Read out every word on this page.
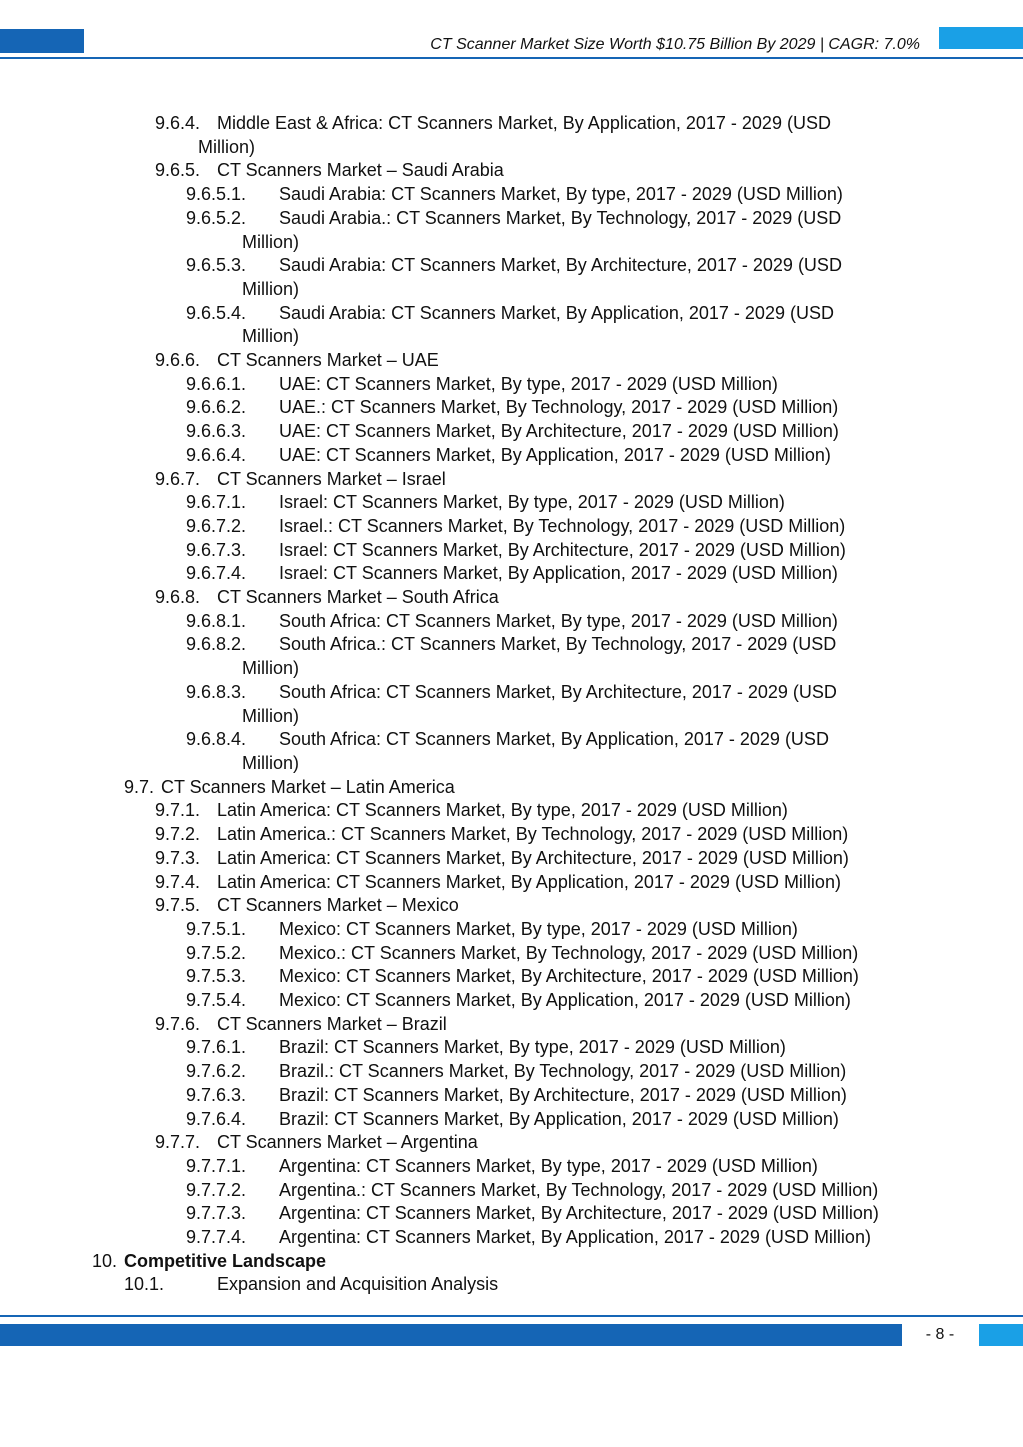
CT Scanner Market Size Worth $10.75 Billion By 2029 | CAGR: 7.0%
9.6.4. Middle East & Africa: CT Scanners Market, By Application, 2017 - 2029 (USD
Million)
9.6.5. CT Scanners Market – Saudi Arabia
9.6.5.1.	Saudi Arabia: CT Scanners Market, By type, 2017 - 2029 (USD Million)
9.6.5.2.	Saudi Arabia.: CT Scanners Market, By Technology, 2017 - 2029 (USD
Million)
9.6.5.3.	Saudi Arabia: CT Scanners Market, By Architecture, 2017 - 2029 (USD
Million)
9.6.5.4.	Saudi Arabia: CT Scanners Market, By Application, 2017 - 2029 (USD
Million)
9.6.6. CT Scanners Market – UAE
9.6.6.1.	UAE: CT Scanners Market, By type, 2017 - 2029 (USD Million)
9.6.6.2.	UAE.: CT Scanners Market, By Technology, 2017 - 2029 (USD Million)
9.6.6.3.	UAE: CT Scanners Market, By Architecture, 2017 - 2029 (USD Million)
9.6.6.4.	UAE: CT Scanners Market, By Application, 2017 - 2029 (USD Million)
9.6.7. CT Scanners Market – Israel
9.6.7.1.	Israel: CT Scanners Market, By type, 2017 - 2029 (USD Million)
9.6.7.2.	Israel.: CT Scanners Market, By Technology, 2017 - 2029 (USD Million)
9.6.7.3.	Israel: CT Scanners Market, By Architecture, 2017 - 2029 (USD Million)
9.6.7.4.	Israel: CT Scanners Market, By Application, 2017 - 2029 (USD Million)
9.6.8. CT Scanners Market – South Africa
9.6.8.1.	South Africa: CT Scanners Market, By type, 2017 - 2029 (USD Million)
9.6.8.2.	South Africa.: CT Scanners Market, By Technology, 2017 - 2029 (USD
Million)
9.6.8.3.	South Africa: CT Scanners Market, By Architecture, 2017 - 2029 (USD
Million)
9.6.8.4.	South Africa: CT Scanners Market, By Application, 2017 - 2029 (USD
Million)
9.7. CT Scanners Market – Latin America
9.7.1. Latin America: CT Scanners Market, By type, 2017 - 2029 (USD Million)
9.7.2. Latin America.: CT Scanners Market, By Technology, 2017 - 2029 (USD Million)
9.7.3. Latin America: CT Scanners Market, By Architecture, 2017 - 2029 (USD Million)
9.7.4. Latin America: CT Scanners Market, By Application, 2017 - 2029 (USD Million)
9.7.5. CT Scanners Market – Mexico
9.7.5.1.	Mexico: CT Scanners Market, By type, 2017 - 2029 (USD Million)
9.7.5.2.	Mexico.: CT Scanners Market, By Technology, 2017 - 2029 (USD Million)
9.7.5.3.	Mexico: CT Scanners Market, By Architecture, 2017 - 2029 (USD Million)
9.7.5.4.	Mexico: CT Scanners Market, By Application, 2017 - 2029 (USD Million)
9.7.6. CT Scanners Market – Brazil
9.7.6.1.	Brazil: CT Scanners Market, By type, 2017 - 2029 (USD Million)
9.7.6.2.	Brazil.: CT Scanners Market, By Technology, 2017 - 2029 (USD Million)
9.7.6.3.	Brazil: CT Scanners Market, By Architecture, 2017 - 2029 (USD Million)
9.7.6.4.	Brazil: CT Scanners Market, By Application, 2017 - 2029 (USD Million)
9.7.7. CT Scanners Market – Argentina
9.7.7.1.	Argentina: CT Scanners Market, By type, 2017 - 2029 (USD Million)
9.7.7.2.	Argentina.: CT Scanners Market, By Technology, 2017 - 2029 (USD Million)
9.7.7.3.	Argentina: CT Scanners Market, By Architecture, 2017 - 2029 (USD Million)
9.7.7.4.	Argentina: CT Scanners Market, By Application, 2017 - 2029 (USD Million)
10. Competitive Landscape
10.1.	Expansion and Acquisition Analysis
- 8 -
